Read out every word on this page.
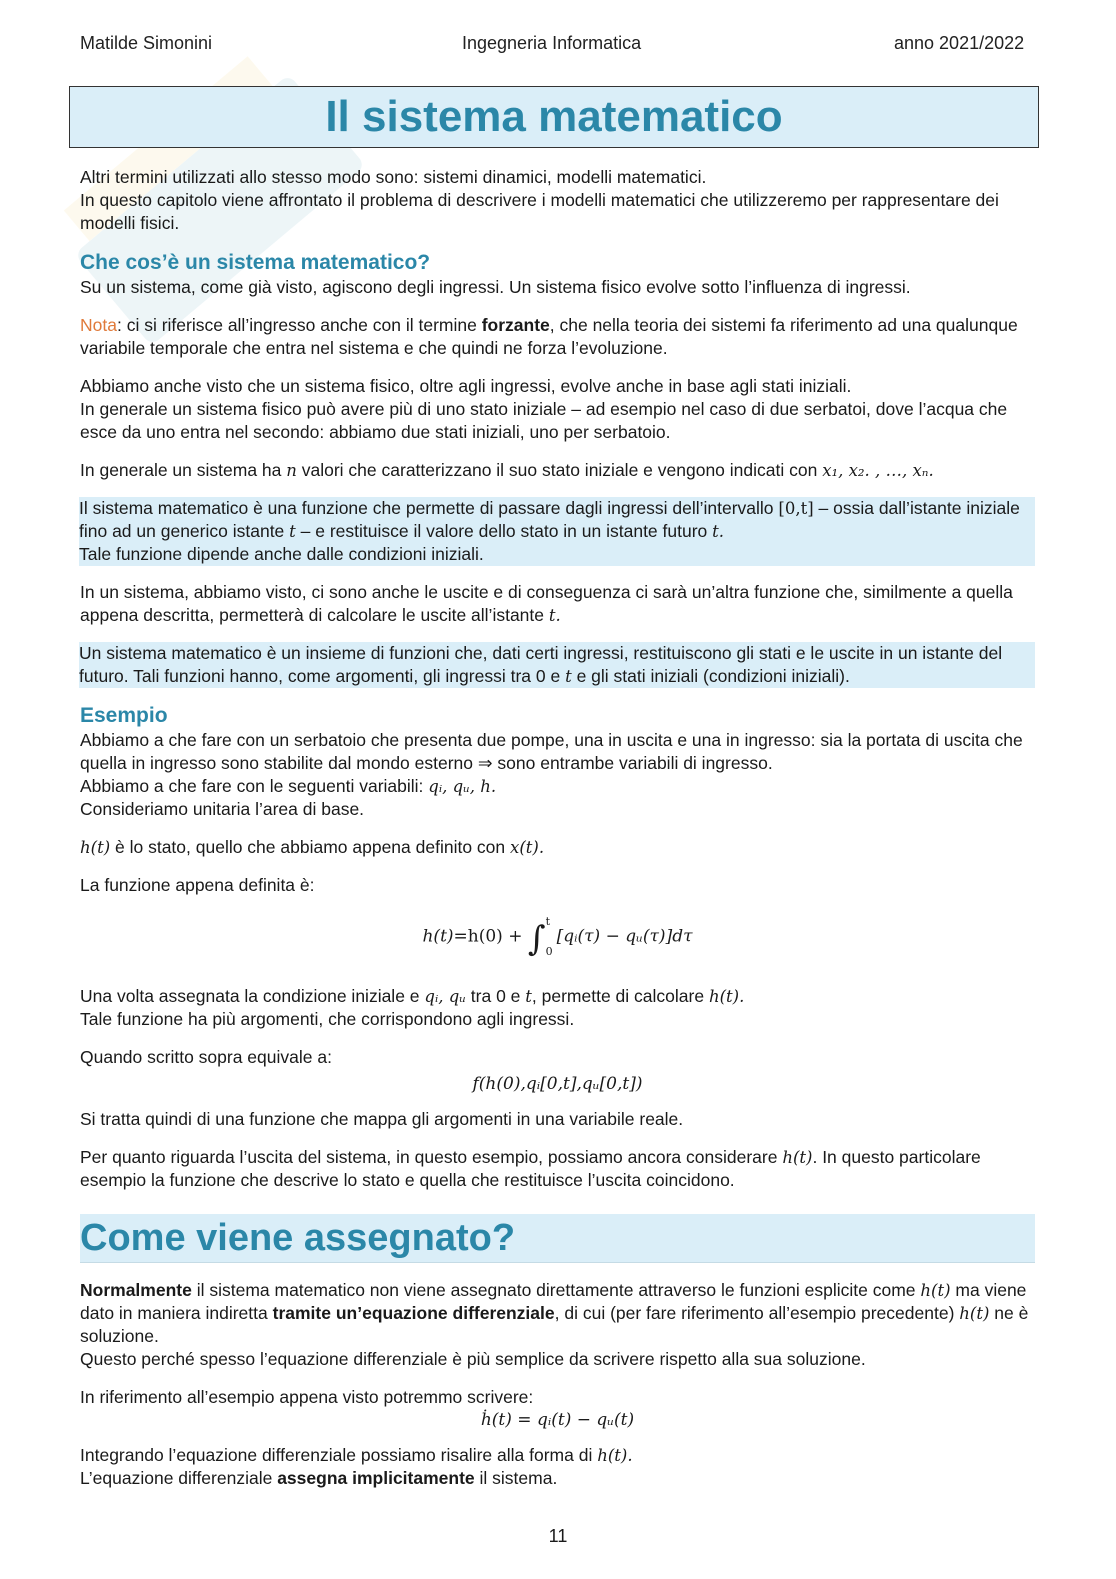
Matilde Simonini	Ingegneria Informatica	anno 2021/2022
Il sistema matematico

Altri termini utilizzati allo stesso modo sono: sistemi dinamici, modelli matematici.
In questo capitolo viene affrontato il problema di descrivere i modelli matematici che utilizzeremo per rappresentare dei modelli fisici.

Che cos’è un sistema matematico?

Su un sistema, come già visto, agiscono degli ingressi. Un sistema fisico evolve sotto l’influenza di ingressi.

Nota: ci si riferisce all’ingresso anche con il termine forzante, che nella teoria dei sistemi fa riferimento ad una qualunque variabile temporale che entra nel sistema e che quindi ne forza l’evoluzione.

Abbiamo anche visto che un sistema fisico, oltre agli ingressi, evolve anche in base agli stati iniziali.
In generale un sistema fisico può avere più di uno stato iniziale – ad esempio nel caso di due serbatoi, dove l’acqua che esce da uno entra nel secondo: abbiamo due stati iniziali, uno per serbatoio.

In generale un sistema ha n valori che caratterizzano il suo stato iniziale e vengono indicati con x₁, x₂. , …, xₙ.

Il sistema matematico è una funzione che permette di passare dagli ingressi dell’intervallo [0,t] – ossia dall’istante iniziale fino ad un generico istante t – e restituisce il valore dello stato in un istante futuro t.

Tale funzione dipende anche dalle condizioni iniziali.

In un sistema, abbiamo visto, ci sono anche le uscite e di conseguenza ci sarà un’altra funzione che, similmente a quella appena descritta, permetterà di calcolare le uscite all’istante t.

Un sistema matematico è un insieme di funzioni che, dati certi ingressi, restituiscono gli stati e le uscite in un istante del futuro. Tali funzioni hanno, come argomenti, gli ingressi tra 0 e t e gli stati iniziali (condizioni iniziali).

Esempio

Abbiamo a che fare con un serbatoio che presenta due pompe, una in uscita e una in ingresso: sia la portata di uscita che quella in ingresso sono stabilite dal mondo esterno ⇒ sono entrambe variabili di ingresso.
Abbiamo a che fare con le seguenti variabili: qᵢ, qᵤ, h.
Consideriamo unitaria l’area di base.

h(t) è lo stato, quello che abbiamo appena definito con x(t).

La funzione appena definita è:

h(t)=h(0) + ∫t
0[qᵢ(τ) − qᵤ(τ)]dτ

Una volta assegnata la condizione iniziale e qᵢ, qᵤ tra 0 e t, permette di calcolare h(t).
Tale funzione ha più argomenti, che corrispondono agli ingressi.

Quando scritto sopra equivale a:

f(h(0),qᵢ[0,t],qᵤ[0,t])

Si tratta quindi di una funzione che mappa gli argomenti in una variabile reale.

Per quanto riguarda l’uscita del sistema, in questo esempio, possiamo ancora considerare h(t). In questo particolare esempio la funzione che descrive lo stato e quella che restituisce l’uscita coincidono.

Come viene assegnato?

Normalmente il sistema matematico non viene assegnato direttamente attraverso le funzioni esplicite come h(t) ma viene dato in maniera indiretta tramite un’equazione differenziale, di cui (per fare riferimento all’esempio precedente) h(t) ne è soluzione.
Questo perché spesso l’equazione differenziale è più semplice da scrivere rispetto alla sua soluzione.

In riferimento all’esempio appena visto potremmo scrivere:

ḣ(t) = qᵢ(t) − qᵤ(t)

Integrando l’equazione differenziale possiamo risalire alla forma di h(t).
L’equazione differenziale assegna implicitamente il sistema.

11
